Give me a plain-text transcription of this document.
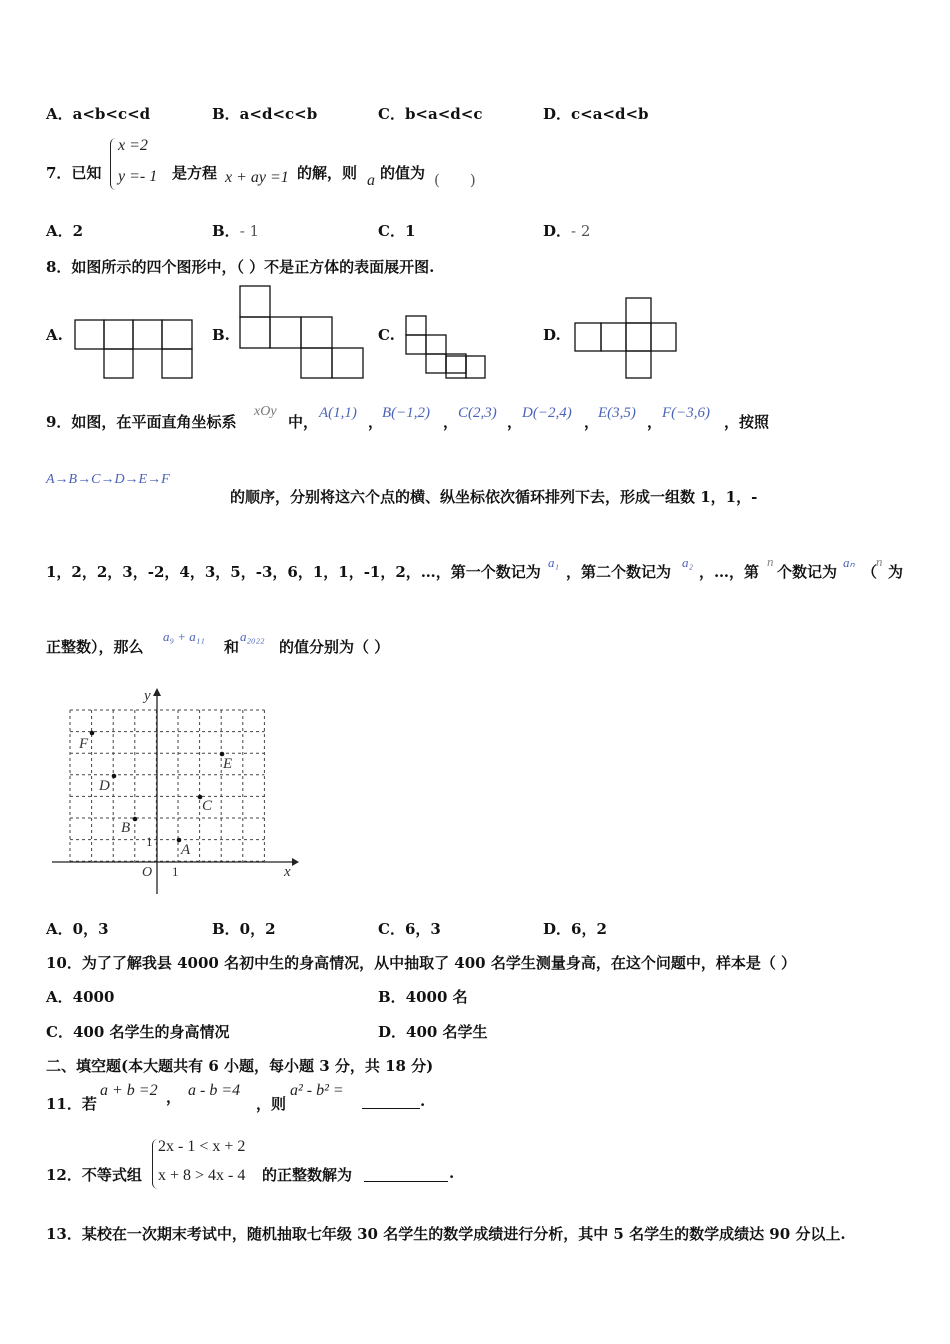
A．a<b<c<d	B．a<d<c<b	C．b<a<d<c	D．c<a<d<b
7．已知
x =2
y =- 1 是方程 x + ay =1 的解，则 a 的值为 (　　)
A．2	B．- 1	C．1	D．- 2
8．如图所示的四个图形中，（ ）不是正方体的表面展开图.
A.	B.	C.	D.
9．如图，在平面直角坐标系
xOy
中， A(1,1) ，
B(−1,2) ， C(2,3) ， D(−2,4) ，
E(3,5) ， F(−3,6) ，按照
A→B→C→D→E→F
的顺序，分别将这六个点的横、纵坐标依次循环排列下去，形成一组数 1，1，-
1，2，2，3，-2，4，3，5，-3，6，1，1，-1，2，…，第一个数记为
a₁
，第二个数记为
a₂
，…，第
n
个数记为
aₙ
（
n
为
正整数），那么
a₉ + a₁₁
和
a₂₀₂₂
的值分别为（ ）
y
x
O 1
1
F
D
B
A
C
E
A．0，3	B．0，2	C．6，3	D．6，2
10．为了了解我县 4000 名初中生的身高情况，从中抽取了 400 名学生测量身高，在这个问题中，样本是（ ）
A．4000	B．4000 名
C．400 名学生的身高情况	D．400 名学生
二、填空题(本大题共有 6 小题，每小题 3 分，共 18 分)
11．若
a + b =2 ， a - b =4
，则
a² - b² =
.
12．不等式组
2x - 1 < x + 2
x + 8 > 4x - 4 的正整数解为	.
13．某校在一次期末考试中，随机抽取七年级 30 名学生的数学成绩进行分析，其中 5 名学生的数学成绩达 90 分以上.
